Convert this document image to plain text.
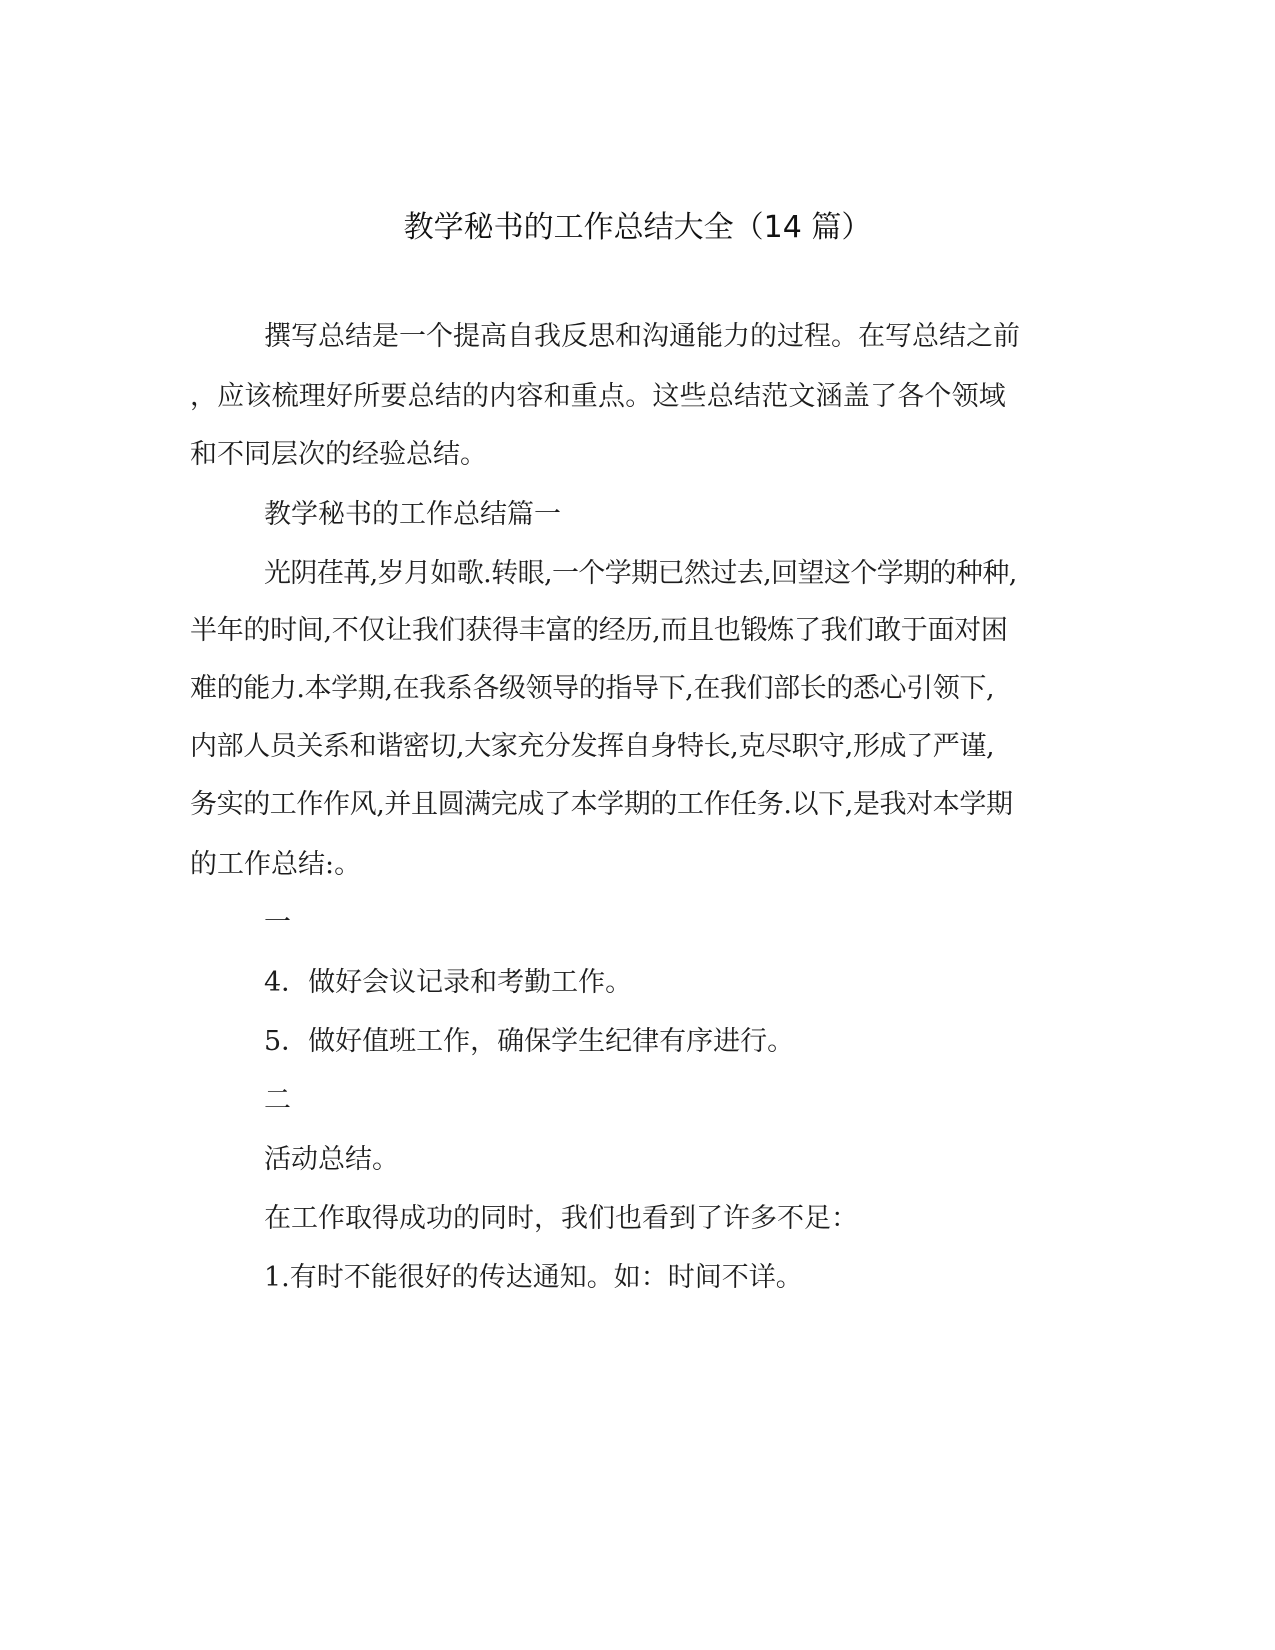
教学秘书的工作总结大全（14 篇）

撰写总结是一个提高自我反思和沟通能力的过程。在写总结之前

，应该梳理好所要总结的内容和重点。这些总结范文涵盖了各个领域

和不同层次的经验总结。

教学秘书的工作总结篇一

光阴荏苒,岁月如歌.转眼,一个学期已然过去,回望这个学期的种种,

半年的时间,不仅让我们获得丰富的经历,而且也锻炼了我们敢于面对困

难的能力.本学期,在我系各级领导的指导下,在我们部长的悉心引领下,

内部人员关系和谐密切,大家充分发挥自身特长,克尽职守,形成了严谨,

务实的工作作风,并且圆满完成了本学期的工作任务.以下,是我对本学期

的工作总结:。

一

4．做好会议记录和考勤工作。

5．做好值班工作，确保学生纪律有序进行。

二

活动总结。

在工作取得成功的同时，我们也看到了许多不足：

1.有时不能很好的传达通知。如：时间不详。
